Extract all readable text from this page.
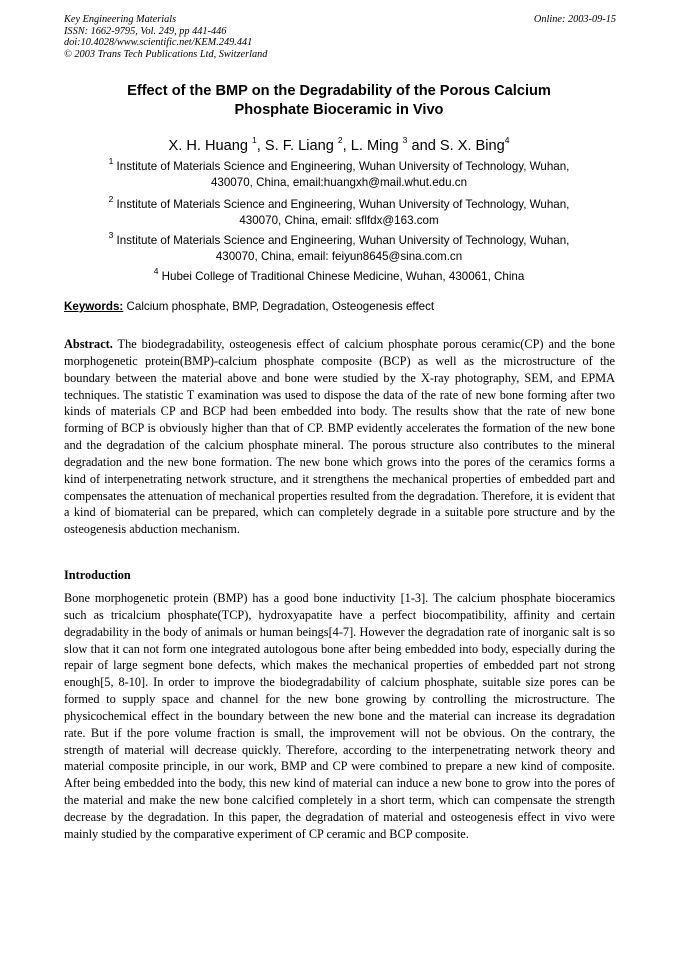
Key Engineering Materials
ISSN: 1662-9795, Vol. 249, pp 441-446
doi:10.4028/www.scientific.net/KEM.249.441
© 2003 Trans Tech Publications Ltd, Switzerland
Online: 2003-09-15
Effect of the BMP on the Degradability of the Porous Calcium
Phosphate Bioceramic in Vivo
X. H. Huang $^1$, S. F. Liang $^2$, L. Ming $^3$ and S. X. Bing$^4$
$^1$ Institute of Materials Science and Engineering, Wuhan University of Technology, Wuhan,
430070, China, email:huangxh@mail.whut.edu.cn
$^2$ Institute of Materials Science and Engineering, Wuhan University of Technology, Wuhan,
430070, China, email: sflfdx@163.com
$^3$ Institute of Materials Science and Engineering, Wuhan University of Technology, Wuhan,
430070, China, email: feiyun8645@sina.com.cn
$^4$ Hubei College of Traditional Chinese Medicine, Wuhan, 430061, China
Keywords: Calcium phosphate, BMP, Degradation, Osteogenesis effect
Abstract. The biodegradability, osteogenesis effect of calcium phosphate porous ceramic(CP) and the bone morphogenetic protein(BMP)-calcium phosphate composite (BCP) as well as the microstructure of the boundary between the material above and bone were studied by the X-ray photography, SEM, and EPMA techniques. The statistic T examination was used to dispose the data of the rate of new bone forming after two kinds of materials CP and BCP had been embedded into body. The results show that the rate of new bone forming of BCP is obviously higher than that of CP. BMP evidently accelerates the formation of the new bone and the degradation of the calcium phosphate mineral. The porous structure also contributes to the mineral degradation and the new bone formation. The new bone which grows into the pores of the ceramics forms a kind of interpenetrating network structure, and it strengthens the mechanical properties of embedded part and compensates the attenuation of mechanical properties resulted from the degradation. Therefore, it is evident that a kind of biomaterial can be prepared, which can completely degrade in a suitable pore structure and by the osteogenesis abduction mechanism.
Introduction
Bone morphogenetic protein (BMP) has a good bone inductivity [1-3]. The calcium phosphate bioceramics such as tricalcium phosphate(TCP), hydroxyapatite have a perfect biocompatibility, affinity and certain degradability in the body of animals or human beings[4-7]. However the degradation rate of inorganic salt is so slow that it can not form one integrated autologous bone after being embedded into body, especially during the repair of large segment bone defects, which makes the mechanical properties of embedded part not strong enough[5, 8-10]. In order to improve the biodegradability of calcium phosphate, suitable size pores can be formed to supply space and channel for the new bone growing by controlling the microstructure. The physicochemical effect in the boundary between the new bone and the material can increase its degradation rate. But if the pore volume fraction is small, the improvement will not be obvious. On the contrary, the strength of material will decrease quickly. Therefore, according to the interpenetrating network theory and material composite principle, in our work, BMP and CP were combined to prepare a new kind of composite. After being embedded into the body, this new kind of material can induce a new bone to grow into the pores of the material and make the new bone calcified completely in a short term, which can compensate the strength decrease by the degradation. In this paper, the degradation of material and osteogenesis effect in vivo were mainly studied by the comparative experiment of CP ceramic and BCP composite.
